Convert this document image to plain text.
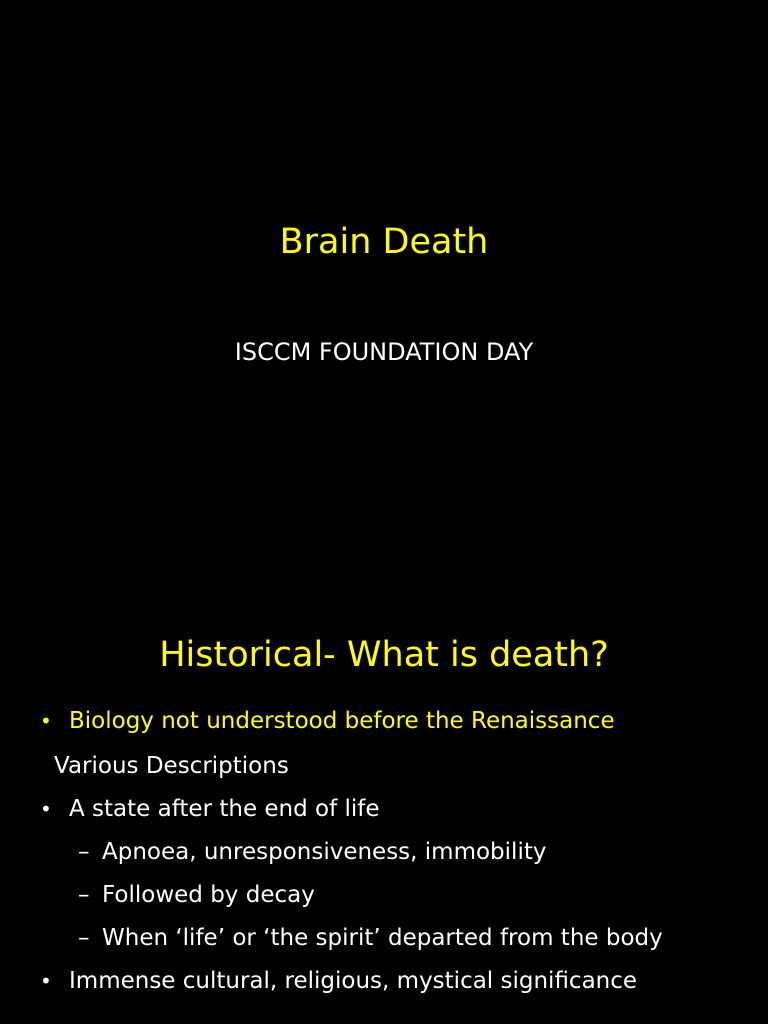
Brain Death
ISCCM FOUNDATION DAY
Historical- What is death?
• Biology not understood before the Renaissance
Various Descriptions
• A state after the end of life
– Apnoea, unresponsiveness, immobility
– Followed by decay
– When ‘life’ or ‘the spirit’ departed from the body
• Immense cultural, religious, mystical significance
